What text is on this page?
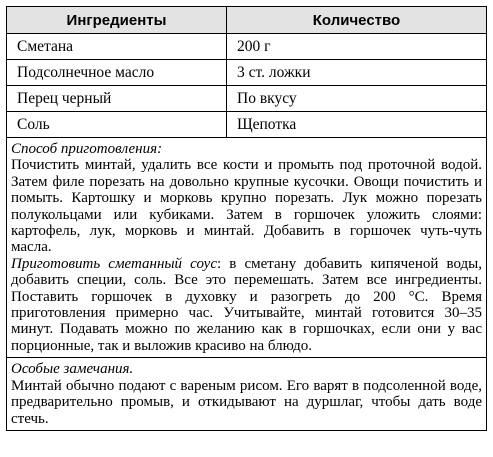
Ингредиенты	Количество
Сметана	200 г
Подсолнечное масло	3 ст. ложки
Перец черный	По вкусу
Соль	Щепотка

Способ приготовления:

Почистить минтай, удалить все кости и промыть под проточной водой. Затем филе порезать на довольно крупные кусочки. Овощи почистить и помыть. Картошку и морковь крупно порезать. Лук можно порезать полукольцами или кубиками. Затем в горшочек уложить слоями: картофель, лук, морковь и минтай. Добавить в горшочек чуть-чуть масла.

Приготовить сметанный соус: в сметану добавить кипяченой воды, добавить специи, соль. Все это перемешать. Затем все ингредиенты. Поставить горшочек в духовку и разогреть до 200 °С. Время приготовления примерно час. Учитывайте, минтай готовится 30–35 минут. Подавать можно по желанию как в горшочках, если они у вас порционные, так и выложив красиво на блюдо.	

Особые замечания.

Минтай обычно подают с вареным рисом. Его варят в подсоленной воде, предварительно промыв, и откидывают на дуршлаг, чтобы дать воде стечь.	
